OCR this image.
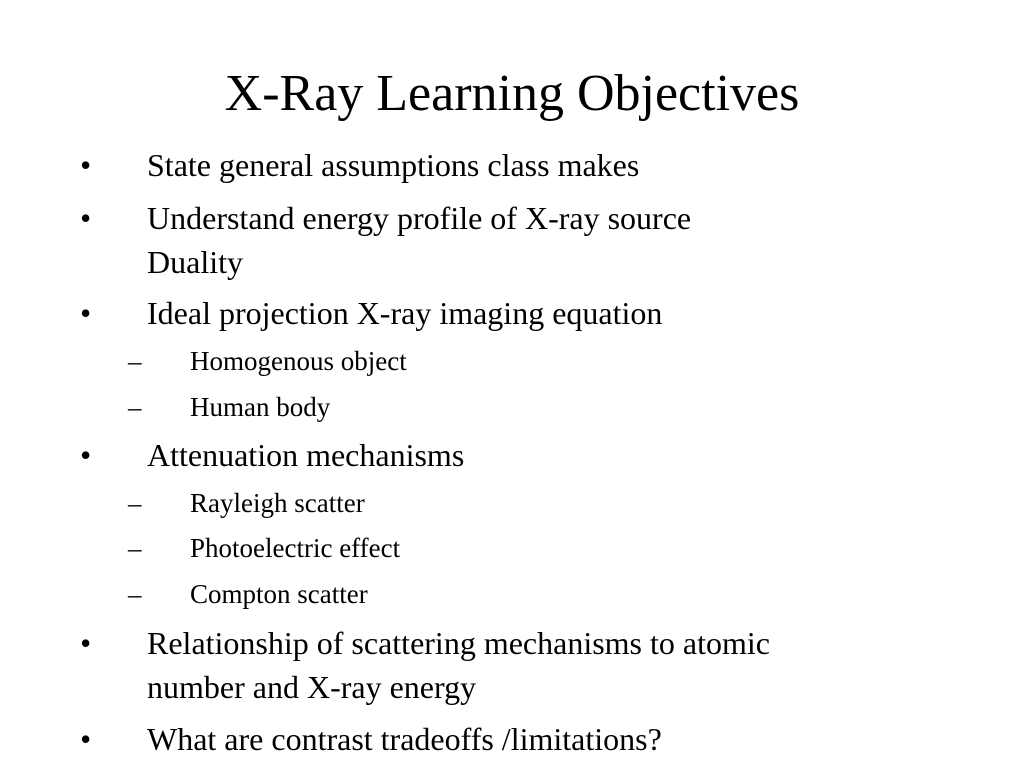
X-Ray Learning Objectives
• State general assumptions class makes
• Understand energy profile of X-ray source
Duality
• Ideal projection X-ray imaging equation
– Homogenous object
– Human body
• Attenuation mechanisms
– Rayleigh scatter
– Photoelectric effect
– Compton scatter
• Relationship of scattering mechanisms to atomic
number and X-ray energy
• What are contrast tradeoffs /limitations?
